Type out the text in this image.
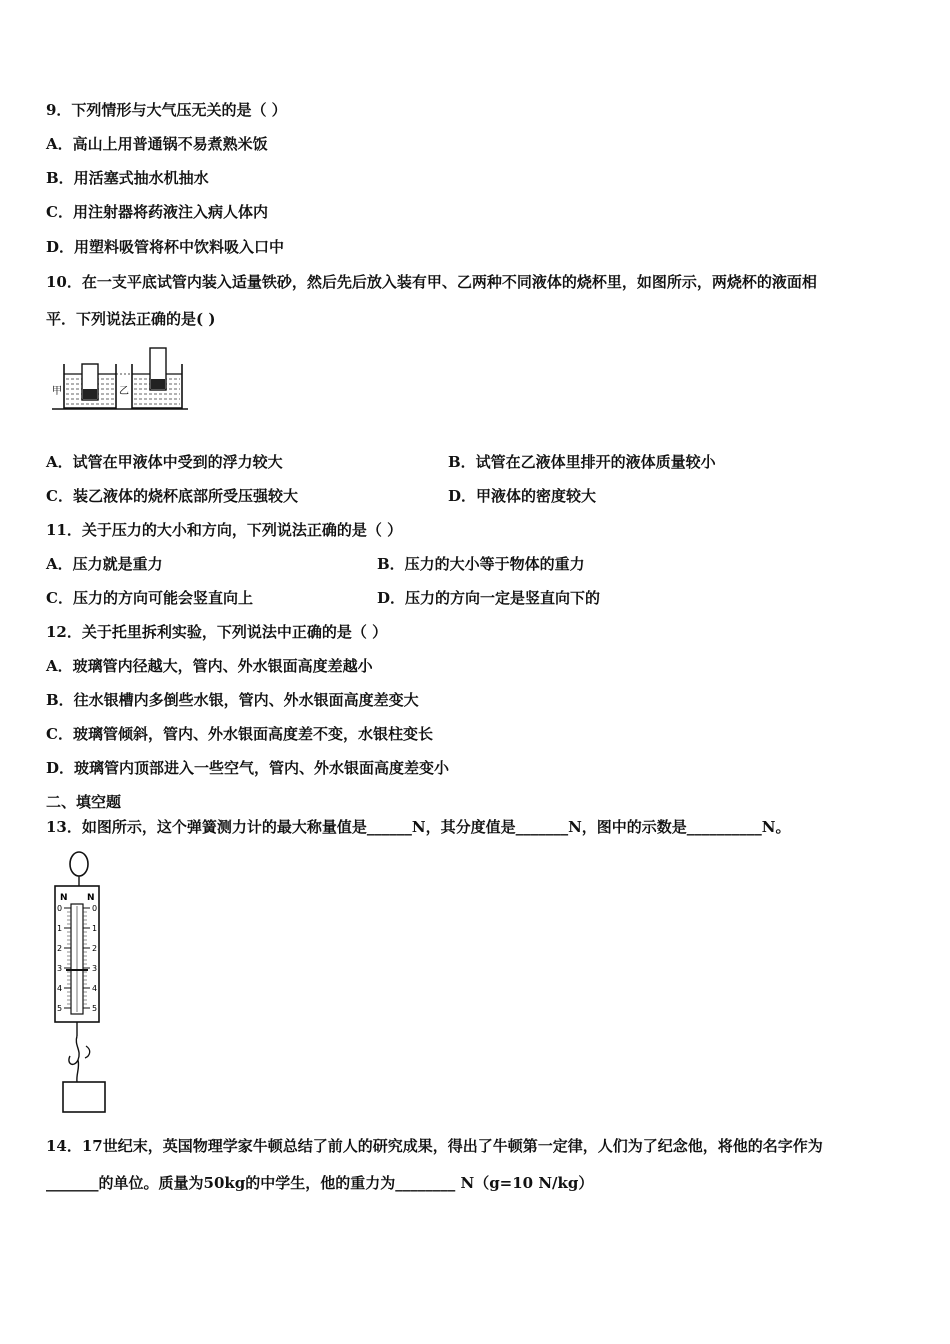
9．下列情形与大气压无关的是（ ）
A．高山上用普通锅不易煮熟米饭
B．用活塞式抽水机抽水
C．用注射器将药液注入病人体内
D．用塑料吸管将杯中饮料吸入口中
10．在一支平底试管内装入适量铁砂，然后先后放入装有甲、乙两种不同液体的烧杯里，如图所示，两烧杯的液面相
平．下列说法正确的是( )
甲	乙
A．试管在甲液体中受到的浮力较大	B．试管在乙液体里排开的液体质量较小
C．装乙液体的烧杯底部所受压强较大	D．甲液体的密度较大
11．关于压力的大小和方向，下列说法正确的是（ ）
A．压力就是重力	B．压力的大小等于物体的重力
C．压力的方向可能会竖直向上	D．压力的方向一定是竖直向下的
12．关于托里拆利实验，下列说法中正确的是（ ）
A．玻璃管内径越大，管内、外水银面高度差越小
B．往水银槽内多倒些水银，管内、外水银面高度差变大
C．玻璃管倾斜，管内、外水银面高度差不变，水银柱变长
D．玻璃管内顶部进入一些空气，管内、外水银面高度差变小
二、填空题
13．如图所示，这个弹簧测力计的最大称量值是______N，其分度值是_______N，图中的示数是__________N。
N N
0	0
1	1
2	2
3	3
4	4
5	5
14．17世纪末，英国物理学家牛顿总结了前人的研究成果，得出了牛顿第一定律，人们为了纪念他，将他的名字作为
_______的单位。质量为50kg的中学生，他的重力为________ N（g=10 N/kg）
